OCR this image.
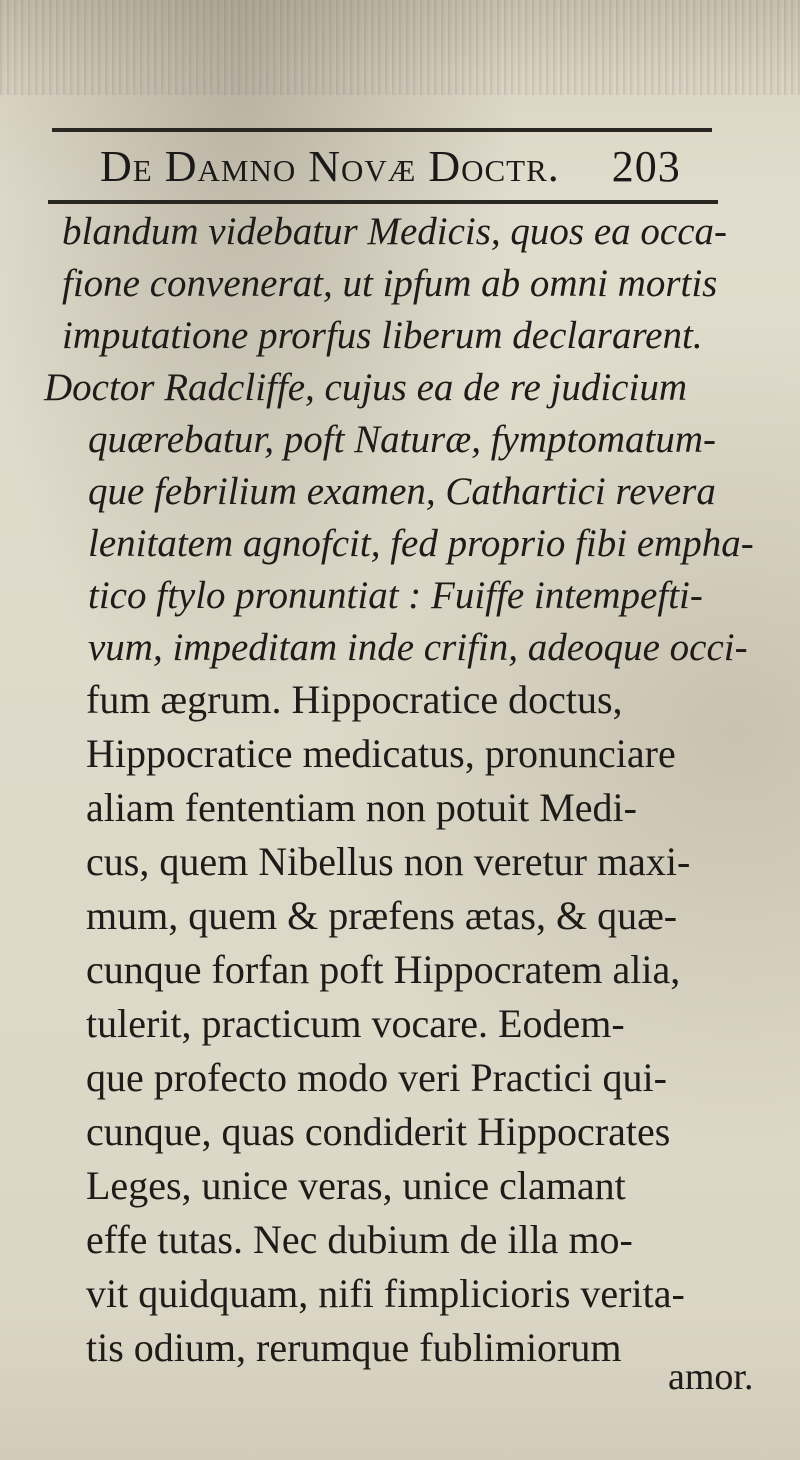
De Damno Novæ Doctr. 203
blandum videbatur Medicis, quos ea occa-
fione convenerat, ut ipfum ab omni mortis
imputatione prorfus liberum declararent.
Doctor Radcliffe, cujus ea de re judicium
quærebatur, poft Naturæ, fymptomatum-
que febrilium examen, Cathartici revera
lenitatem agnofcit, fed proprio fibi empha-
tico ftylo pronuntiat : Fuiffe intempefti-
vum, impeditam inde crifin, adeoque occi-
fum ægrum. Hippocratice doctus,
Hippocratice medicatus, pronunciare
aliam fententiam non potuit Medi-
cus, quem Nibellus non veretur maxi-
mum, quem & præfens ætas, & quæ-
cunque forfan poft Hippocratem alia,
tulerit, practicum vocare. Eodem-
que profecto modo veri Practici qui-
cunque, quas condiderit Hippocrates
Leges, unice veras, unice clamant
effe tutas. Nec dubium de illa mo-
vit quidquam, nifi fimplicioris verita-
tis odium, rerumque fublimiorum
amor.
